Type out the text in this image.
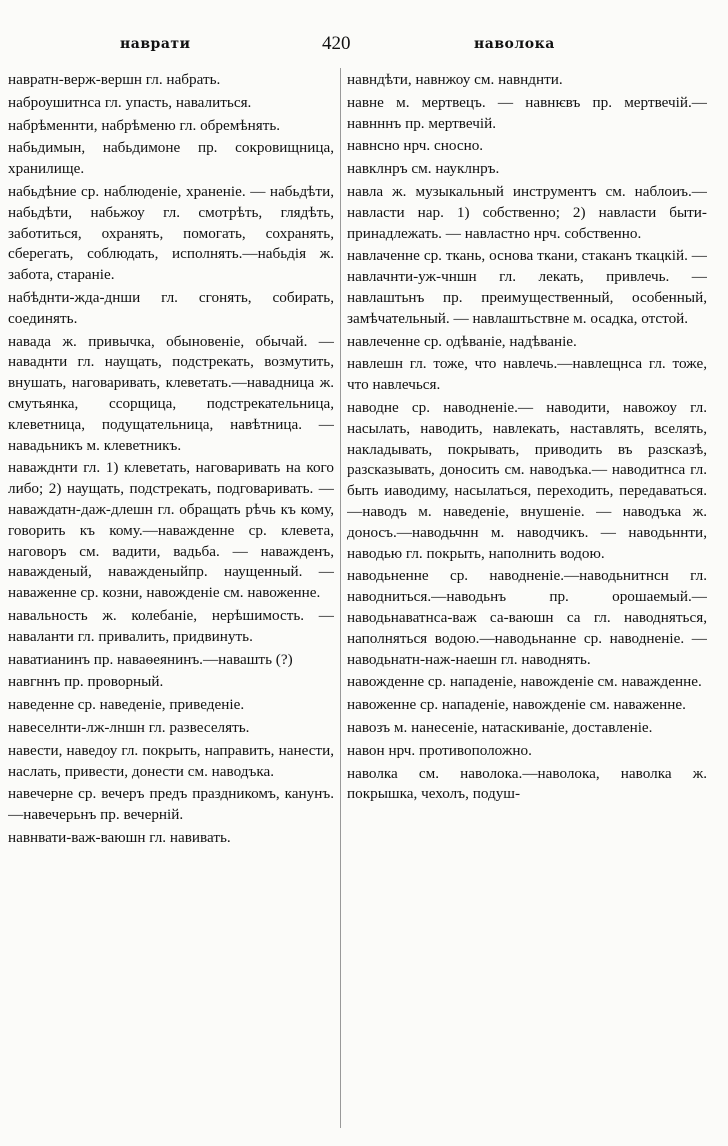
наврати	420	наволока

навратн-верж-вершн гл. набрать.

наброушитнса гл. упасть, навалиться.

набрѣменнти, набрѣменю гл. обремѣнять.

набьдимын, набьдимоне пр. сокровищница, хранилище.

набьдѣние ср. наблюденіе, храненіе. — набьдѣти, набьдѣти, набьжоу гл. смотрѣть, глядѣть, заботиться, охранять, помогать, сохранять, сберегать, соблюдать, исполнять.—набьдія ж. забота, стараніе.

набѣднти-жда-днши гл. сгонять, собирать, соединять.

навада ж. привычка, обыновеніе, обычай. — наваднти гл. наущать, подстрекать, возмутить, внушать, наговаривать, клеветать.—навадница ж. смутьянка, ссорщица, подстрекательница, клеветница, подущательница, навѣтница. — навадьникъ м. клеветникъ.

наважднти гл. 1) клеветать, наговаривать на кого либо; 2) наущать, подстрекать, подговаривать. — наваждатн-даж-длешн гл. обращать рѣчь къ кому, говорить къ кому.—наважденне ср. клевета, наговоръ см. вадити, вадьба. — наважденъ, наважденый, наважденыйпр. наущенный. — наваженне ср. козни, навожденіе см. навоженне.

навальность ж. колебаніе, нерѣшимость. — наваланти гл. привалить, придвинуть.

наватианинъ пр. наваѳеянинъ.—навашть (?)

навгннъ пр. проворный.

наведенне ср. наведеніе, приведеніе.

навеселнти-лж-лншн гл. развеселять.

навести, наведоу гл. покрыть, направить, нанести, наслать, привести, донести см. наводъка.

навечерне ср. вечеръ предъ праздникомъ, канунъ.—навечерьнъ пр. вечерній.

навнвати-важ-ваюшн гл. навивать.

навндѣти, навнжоу см. навнднти.

навне м. мертвецъ. — навнѥвъ пр. мертвечій.—навнннъ пр. мертвечій.

навнсно нрч. сносно.

навклнръ см. науклнръ.

навла ж. музыкальный инструментъ см. наблоиъ.—навласти нар. 1) собственно; 2) навласти быти-принадлежать. — навластно нрч. собственно.

навлаченне ср. ткань, основа ткани, стаканъ ткацкій. — навлачнти-уж-чншн гл. лекать, привлечь. — навлаштьнъ пр. преимущественный, особенный, замѣчательный. — навлаштьствне м. осадка, отстой.

навлеченне ср. одѣваніе, надѣваніе.

навлешн гл. тоже, что навлечь.—навлещнса гл. тоже, что навлечься.

наводне ср. наводненіе.— наводити, навожоу гл. насылать, наводить, навлекать, наставлять, вселять, накладывать, покрывать, приводить въ разсказѣ, разсказывать, доносить см. наводъка.— наводитнса гл. быть иаводиму, насылаться, переходить, передаваться.—наводъ м. наведеніе, внушеніе. — наводъка ж. доносъ.—наводьчнн м. наводчикъ. — наводьннти, наводью гл. покрыть, наполнить водою.

наводьненне ср. наводненіе.—наводьнитнсн гл. наводниться.—наводьнъ пр. орошаемый.— наводьнаватнса-важ са-ваюшн са гл. наводняться, наполняться водою.—наводьнанне ср. наводненіе. — наводьнатн-наж-наешн гл. наводнять.

навожденне ср. нападеніе, навожденіе см. наважденне.

навоженне ср. нападеніе, навожденіе см. наваженне.

навозъ м. нанесеніе, натаскиваніе, доставленіе.

навон нрч. противоположно.

наволка см. наволока.—наволока, наволка ж. покрышка, чехолъ, подуш-
